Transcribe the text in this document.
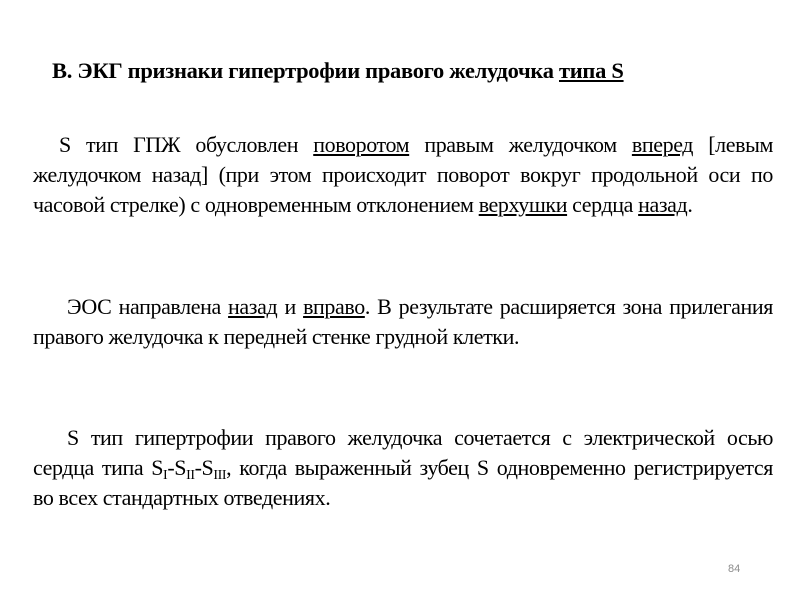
В. ЭКГ признаки гипертрофии правого желудочка типа S
S тип ГПЖ обусловлен поворотом правым желудочком вперед [левым желудочком назад] (при этом происходит поворот вокруг продольной оси по часовой стрелке) с одновременным отклонением верхушки сердца назад.
ЭОС направлена назад и вправо. В результате расширяется зона прилегания правого желудочка к передней стенке грудной клетки.
S тип гипертрофии правого желудочка сочетается с электрической осью сердца типа $S_I-S_{II}-S_{III}$, когда выраженный зубец S одновременно регистрируется во всех стандартных отведениях.
84
